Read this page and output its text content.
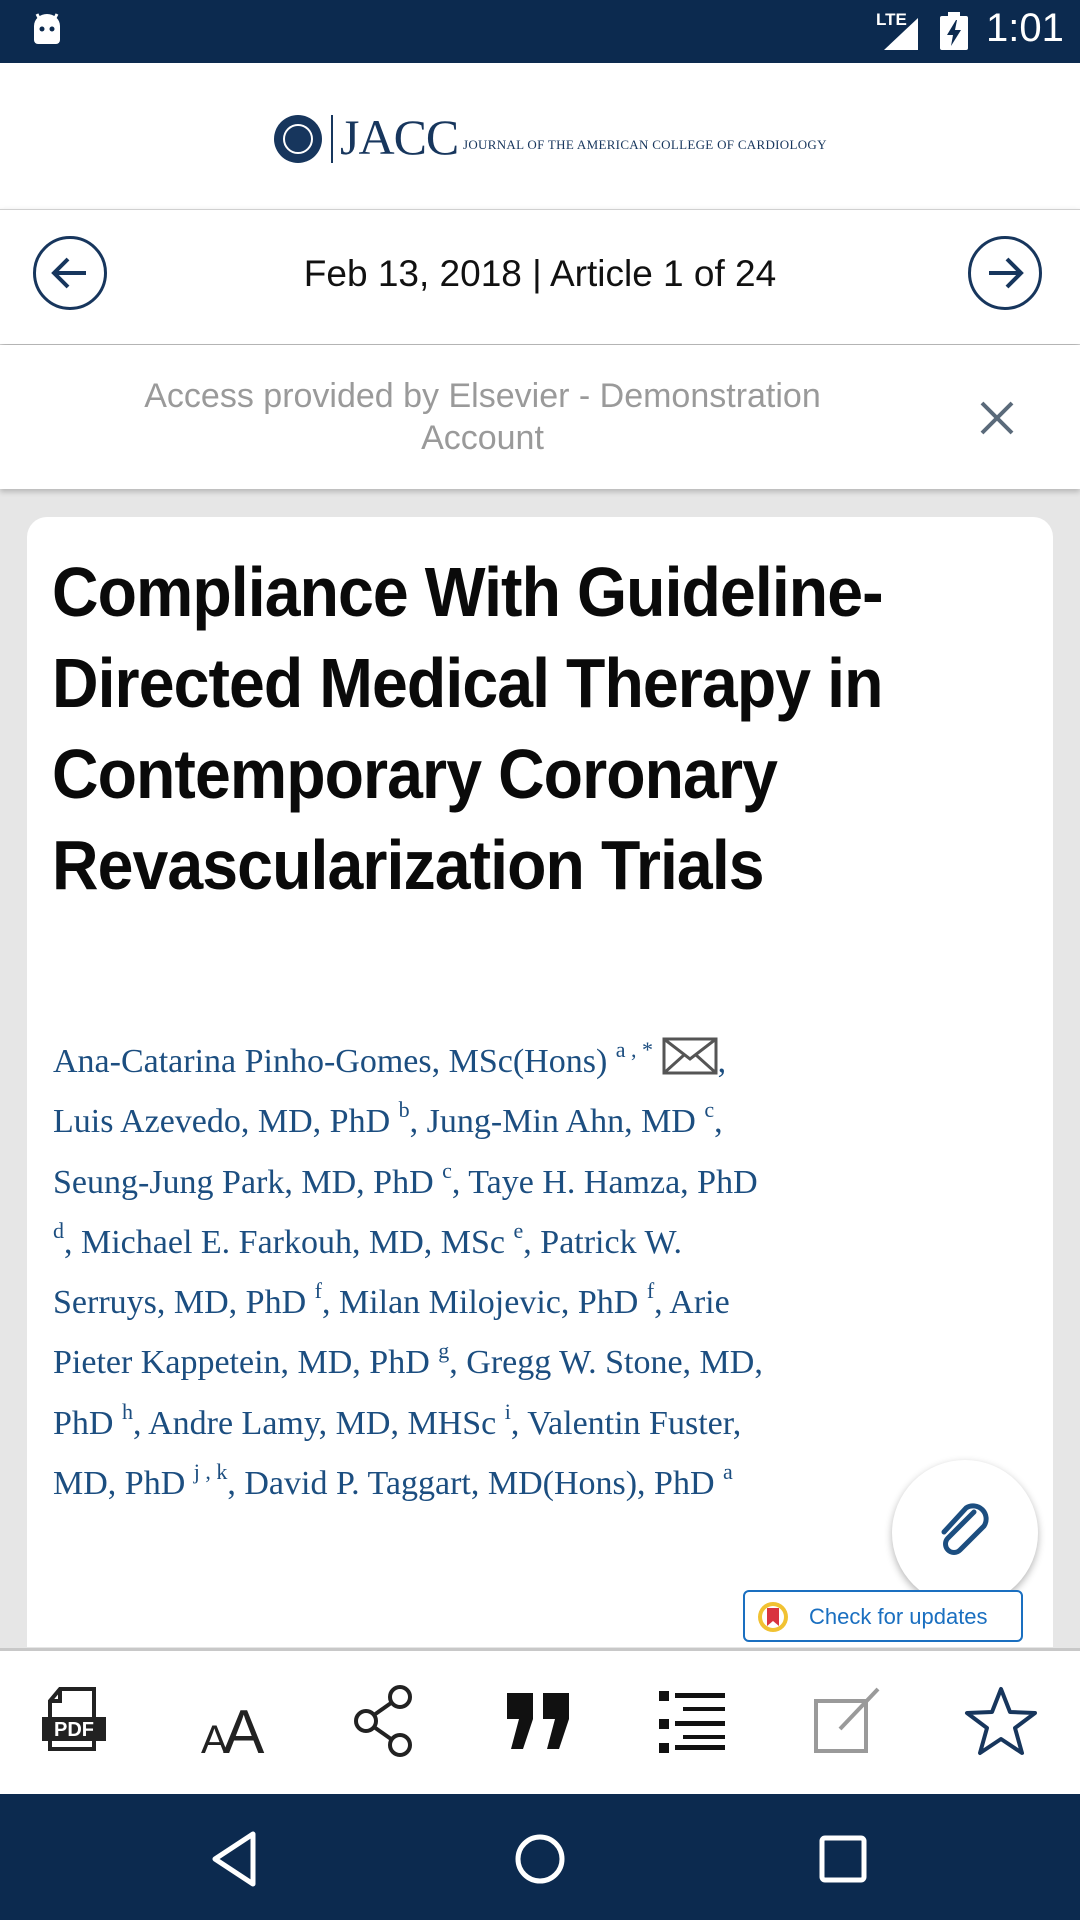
LTE 1:01
JACC JOURNAL OF THE AMERICAN COLLEGE OF CARDIOLOGY
Feb 13, 2018 | Article 1 of 24
Access provided by Elsevier - Demonstration Account
Compliance With Guideline-Directed Medical Therapy in Contemporary Coronary Revascularization Trials
Ana-Catarina Pinho-Gomes, MSc(Hons) $^{a , *}$ , Luis Azevedo, MD, PhD $^b$, Jung-Min Ahn, MD $^c$, Seung-Jung Park, MD, PhD $^c$, Taye H. Hamza, PhD $^d$, Michael E. Farkouh, MD, MSc $^e$, Patrick W. Serruys, MD, PhD $^f$, Milan Milojevic, PhD $^f$, Arie Pieter Kappetein, MD, PhD $^g$, Gregg W. Stone, MD, PhD $^h$, Andre Lamy, MD, MHSc $^i$, Valentin Fuster, MD, PhD $^{j , k}$, David P. Taggart, MD(Hons), PhD $^a$
Check for updates
PDF	A
A
